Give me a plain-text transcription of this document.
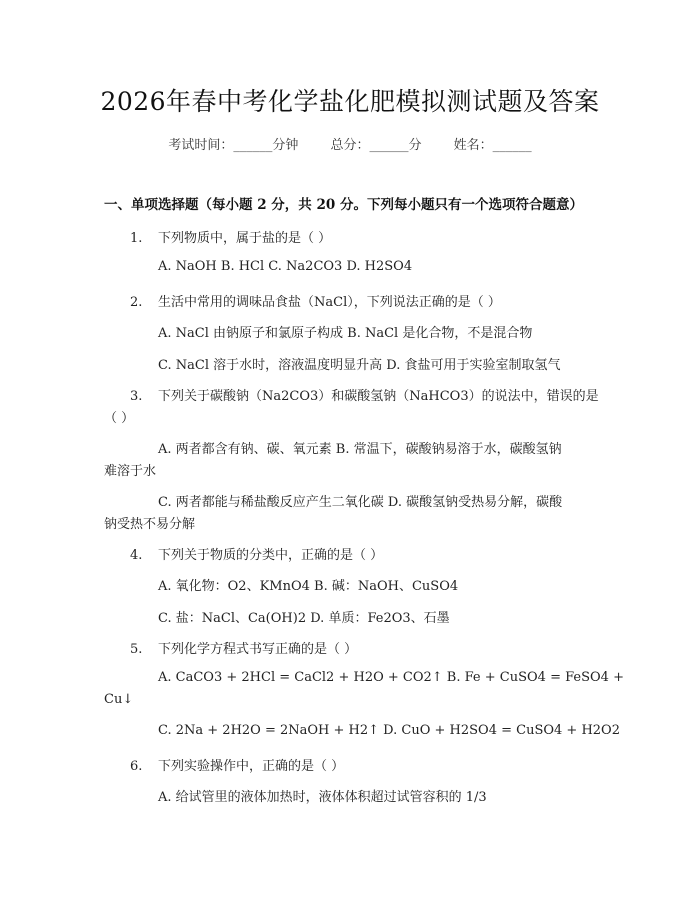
2026年春中考化学盐化肥模拟测试题及答案
考试时间：______分钟 总分：______分 姓名：______
一、单项选择题（每小题 2 分，共 20 分。下列每小题只有一个选项符合题意）
1. 下列物质中，属于盐的是（ ）
A. NaOH B. HCl C. Na2CO3 D. H2SO4
2. 生活中常用的调味品食盐（NaCl），下列说法正确的是（ ）
A. NaCl 由钠原子和氯原子构成 B. NaCl 是化合物，不是混合物
C. NaCl 溶于水时，溶液温度明显升高 D. 食盐可用于实验室制取氢气
3. 下列关于碳酸钠（Na2CO3）和碳酸氢钠（NaHCO3）的说法中，错误的是
（ ）
A. 两者都含有钠、碳、氧元素 B. 常温下，碳酸钠易溶于水，碳酸氢钠
难溶于水
C. 两者都能与稀盐酸反应产生二氧化碳 D. 碳酸氢钠受热易分解，碳酸
钠受热不易分解
4. 下列关于物质的分类中，正确的是（ ）
A. 氧化物：O2、KMnO4 B. 碱：NaOH、CuSO4
C. 盐：NaCl、Ca(OH)2 D. 单质：Fe2O3、石墨
5. 下列化学方程式书写正确的是（ ）
A. CaCO3 + 2HCl = CaCl2 + H2O + CO2↑ B. Fe + CuSO4 = FeSO4 +
Cu↓
C. 2Na + 2H2O = 2NaOH + H2↑ D. CuO + H2SO4 = CuSO4 + H2O2
6. 下列实验操作中，正确的是（ ）
A. 给试管里的液体加热时，液体体积超过试管容积的 1/3
